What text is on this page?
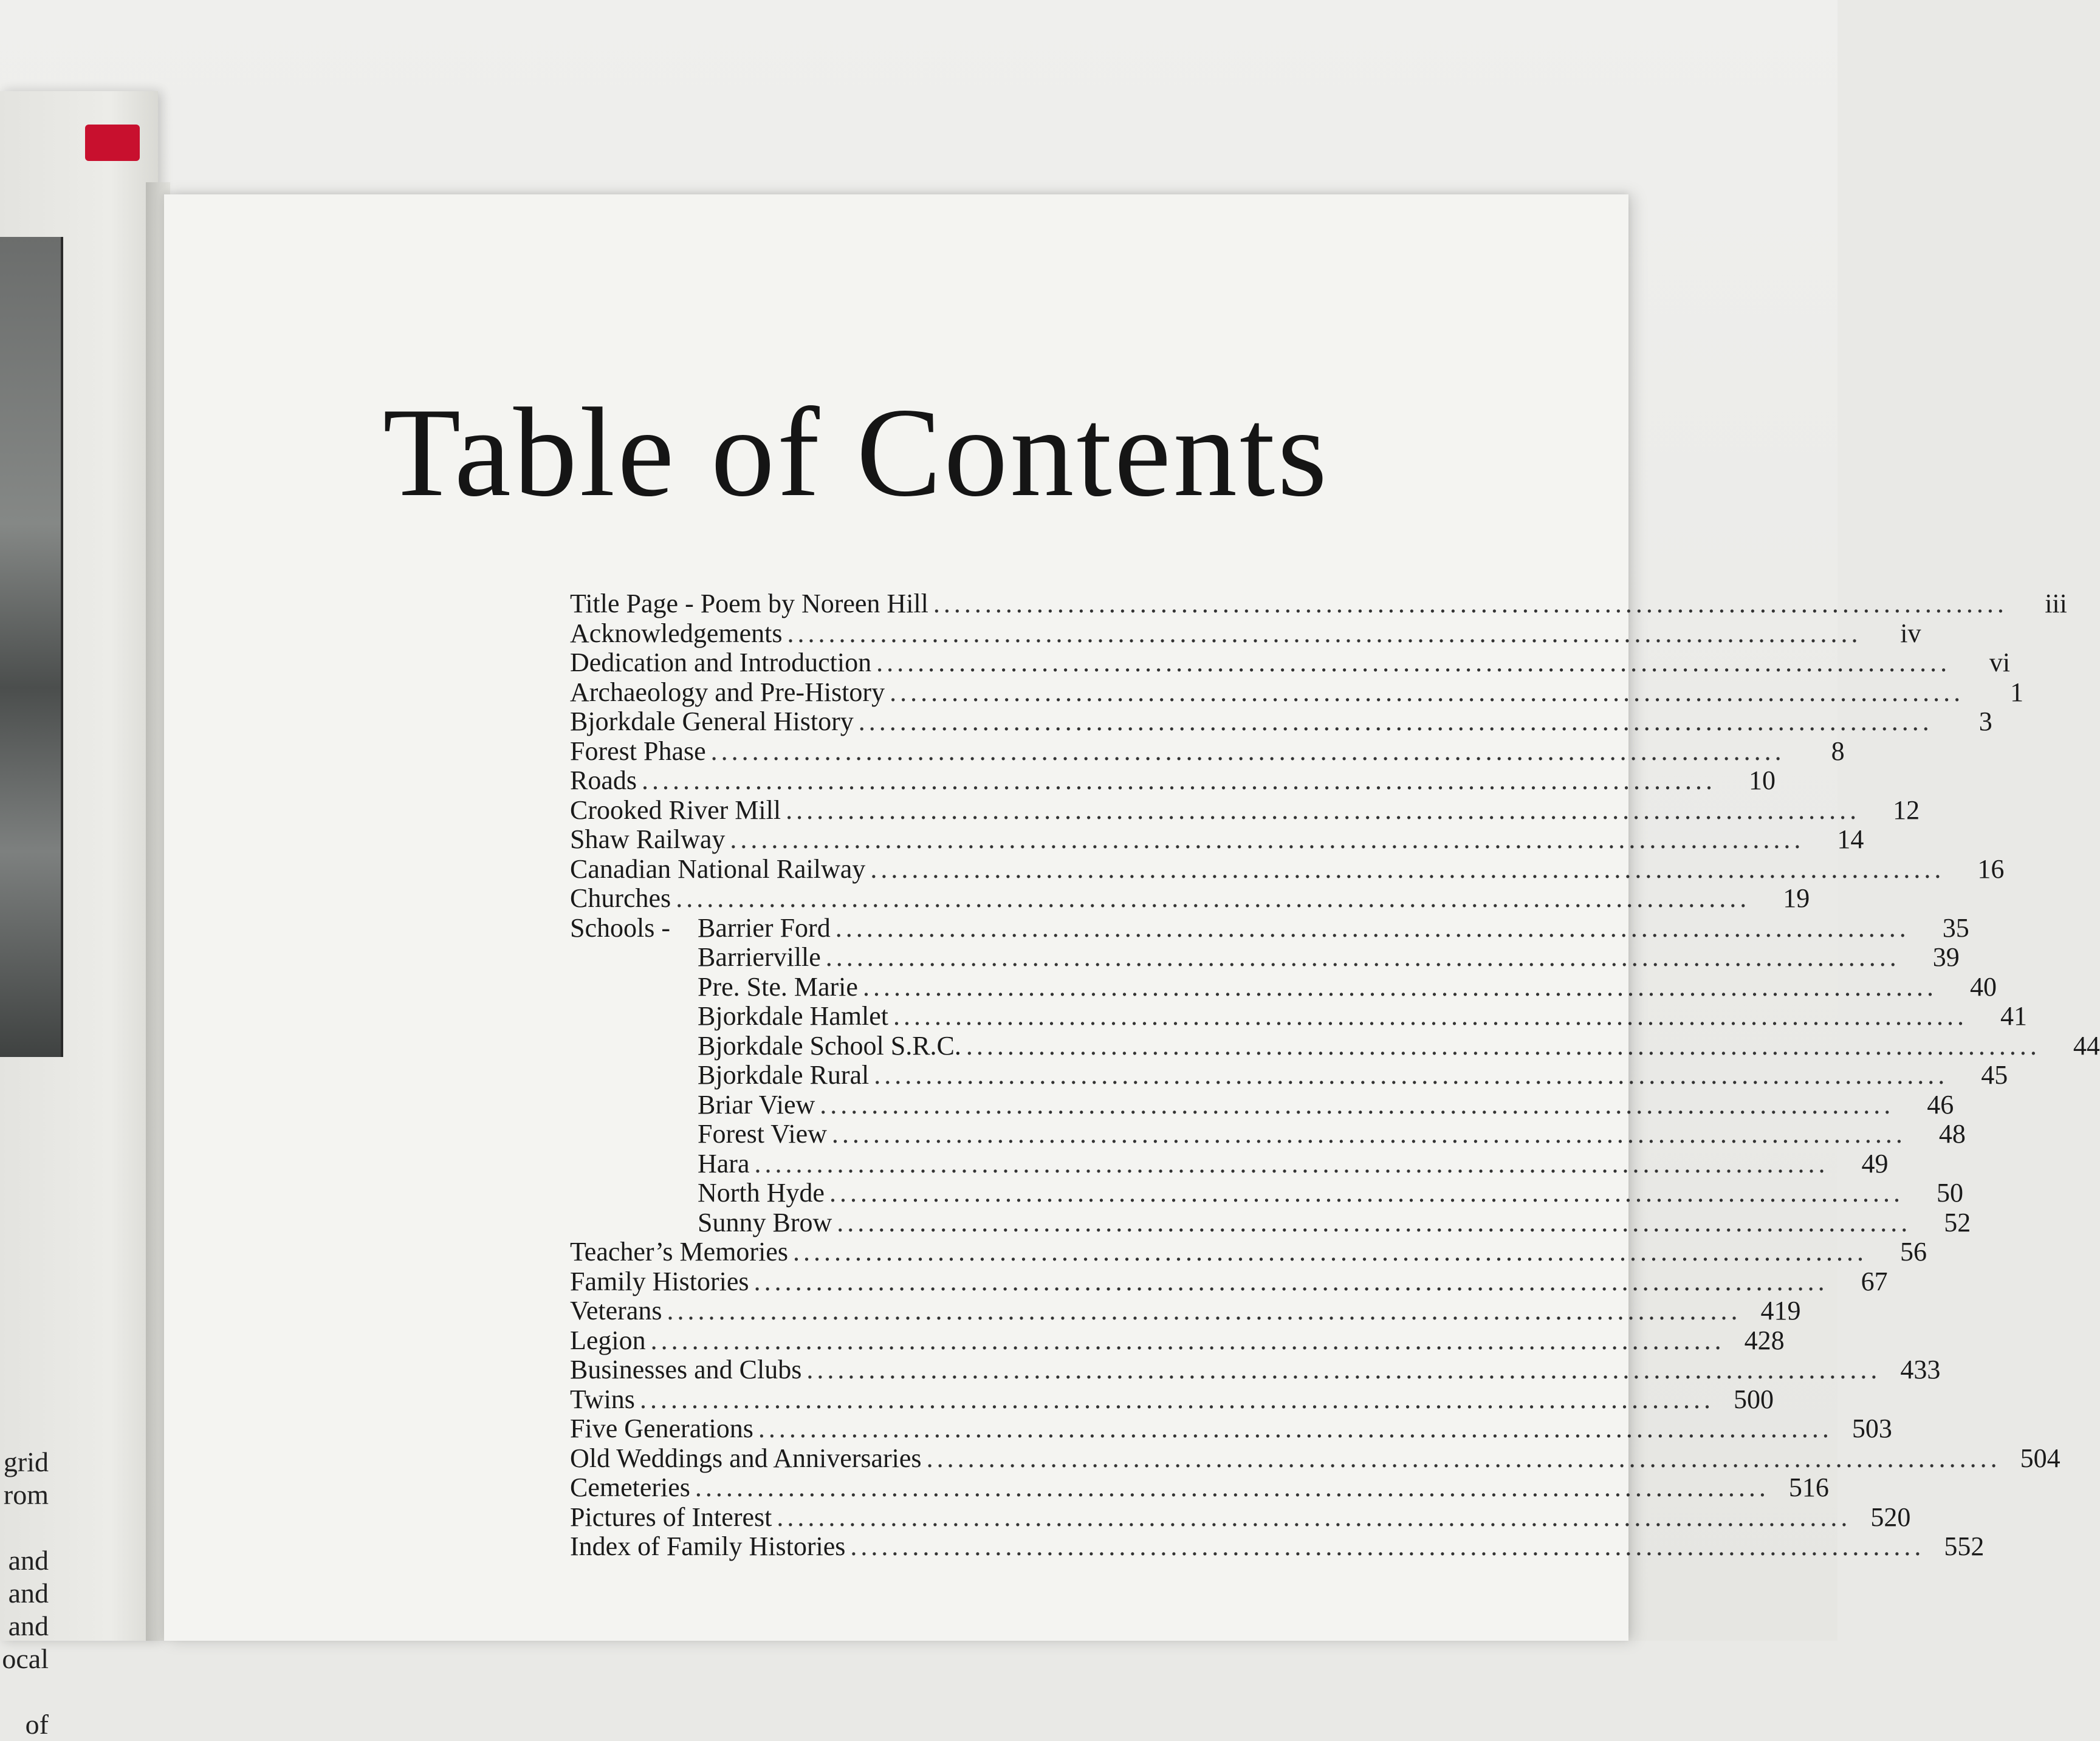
grid
rom

and
and
and
ocal

of
Table of Contents
Title Page - Poem by Noreen Hill .....	iii
Acknowledgements .....	iv
Dedication and Introduction .....	vi
Archaeology and Pre-History .....	1
Bjorkdale General History .....	3
Forest Phase .....	8
Roads .....	10
Crooked River Mill .....	12
Shaw Railway .....	14
Canadian National Railway .....	16
Churches .....	19
Schools - Barrier Ford .....	35
Barrierville .....	39
Pre. Ste. Marie .....	40
Bjorkdale Hamlet .....	41
Bjorkdale School S.R.C. .....	44
Bjorkdale Rural .....	45
Briar View .....	46
Forest View .....	48
Hara .....	49
North Hyde .....	50
Sunny Brow .....	52
Teacher’s Memories .....	56
Family Histories .....	67
Veterans .....	419
Legion .....	428
Businesses and Clubs .....	433
Twins .....	500
Five Generations .....	503
Old Weddings and Anniversaries .....	504
Cemeteries .....	516
Pictures of Interest .....	520
Index of Family Histories .....	552
